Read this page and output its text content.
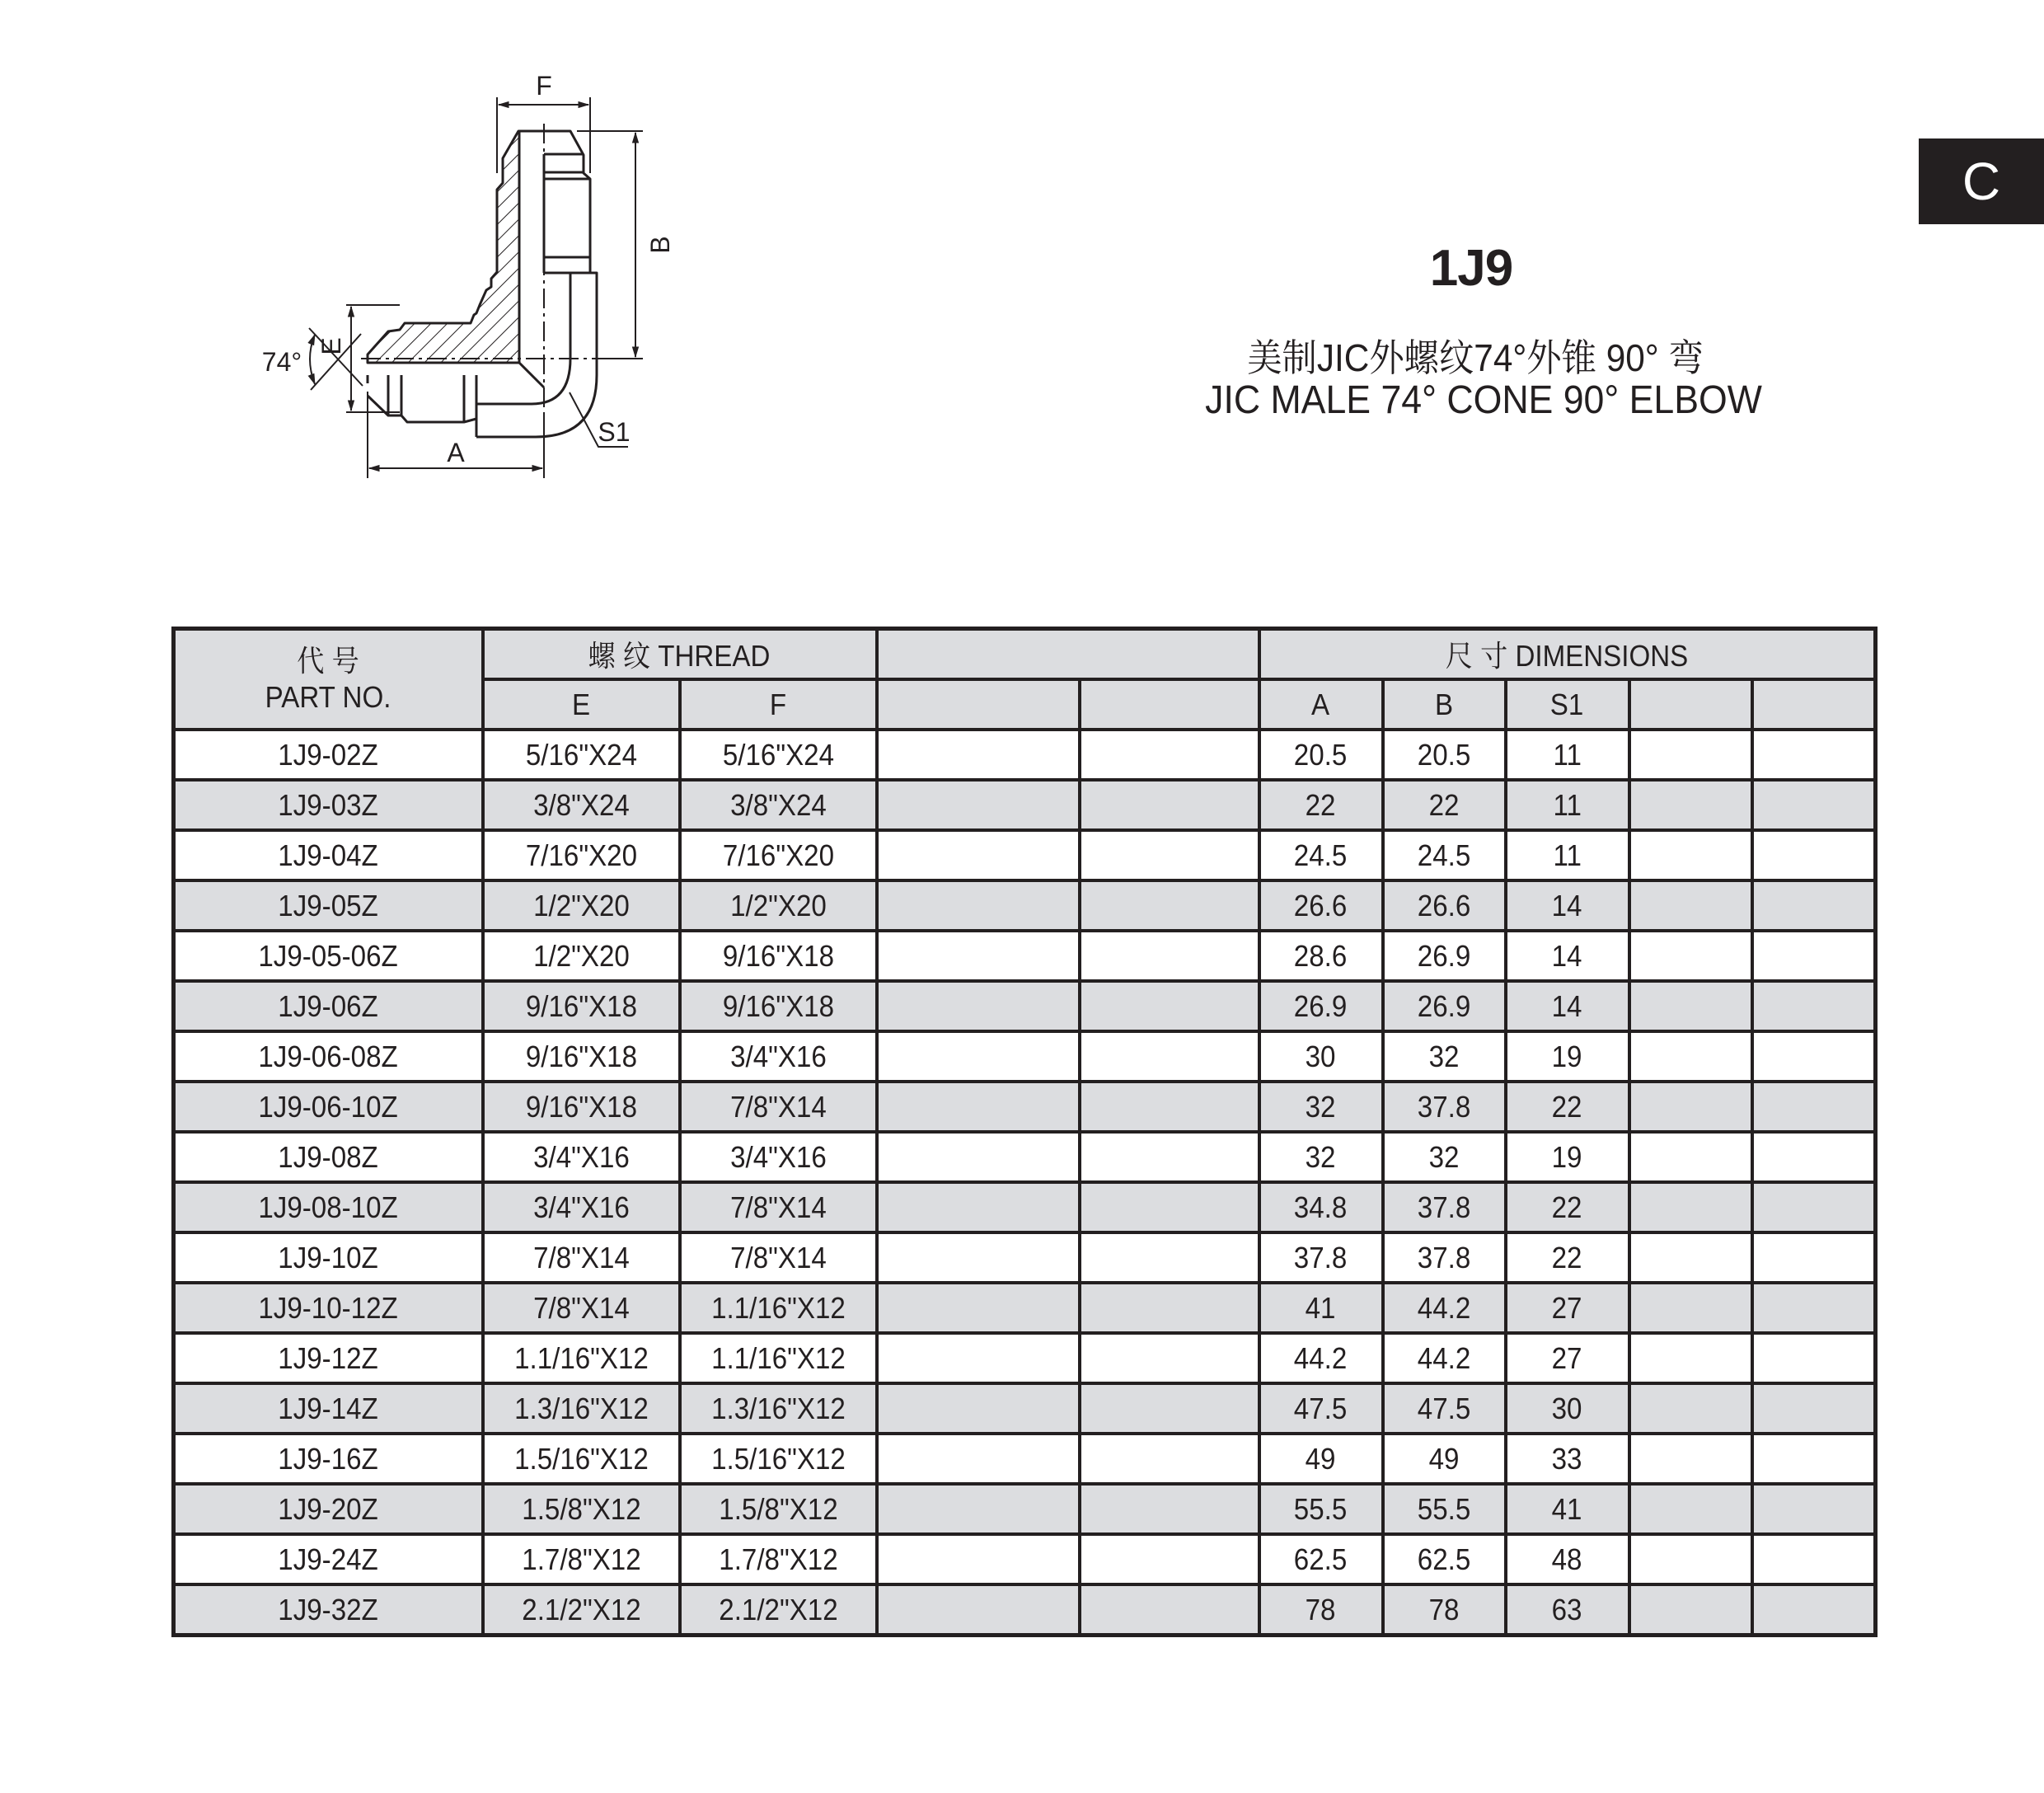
C
1J9
美制JIC外螺纹74°外锥 90° 弯
JIC MALE 74° CONE 90° ELBOW
F
B
E
A
S1
74°
代 号
PART NO.	螺 纹 THREAD				尺 寸 DIMENSIONS				
	E	F			A	B	S1		
1J9-02Z	5/16"X24	5/16"X24			20.5	20.5	11		
1J9-03Z	3/8"X24	3/8"X24			22	22	11		
1J9-04Z	7/16"X20	7/16"X20			24.5	24.5	11		
1J9-05Z	1/2"X20	1/2"X20			26.6	26.6	14		
1J9-05-06Z	1/2"X20	9/16"X18			28.6	26.9	14		
1J9-06Z	9/16"X18	9/16"X18			26.9	26.9	14		
1J9-06-08Z	9/16"X18	3/4"X16			30	32	19		
1J9-06-10Z	9/16"X18	7/8"X14			32	37.8	22		
1J9-08Z	3/4"X16	3/4"X16			32	32	19		
1J9-08-10Z	3/4"X16	7/8"X14			34.8	37.8	22		
1J9-10Z	7/8"X14	7/8"X14			37.8	37.8	22		
1J9-10-12Z	7/8"X14	1.1/16"X12			41	44.2	27		
1J9-12Z	1.1/16"X12	1.1/16"X12			44.2	44.2	27		
1J9-14Z	1.3/16"X12	1.3/16"X12			47.5	47.5	30		
1J9-16Z	1.5/16"X12	1.5/16"X12			49	49	33		
1J9-20Z	1.5/8"X12	1.5/8"X12			55.5	55.5	41		
1J9-24Z	1.7/8"X12	1.7/8"X12			62.5	62.5	48		
1J9-32Z	2.1/2"X12	2.1/2"X12			78	78	63		
